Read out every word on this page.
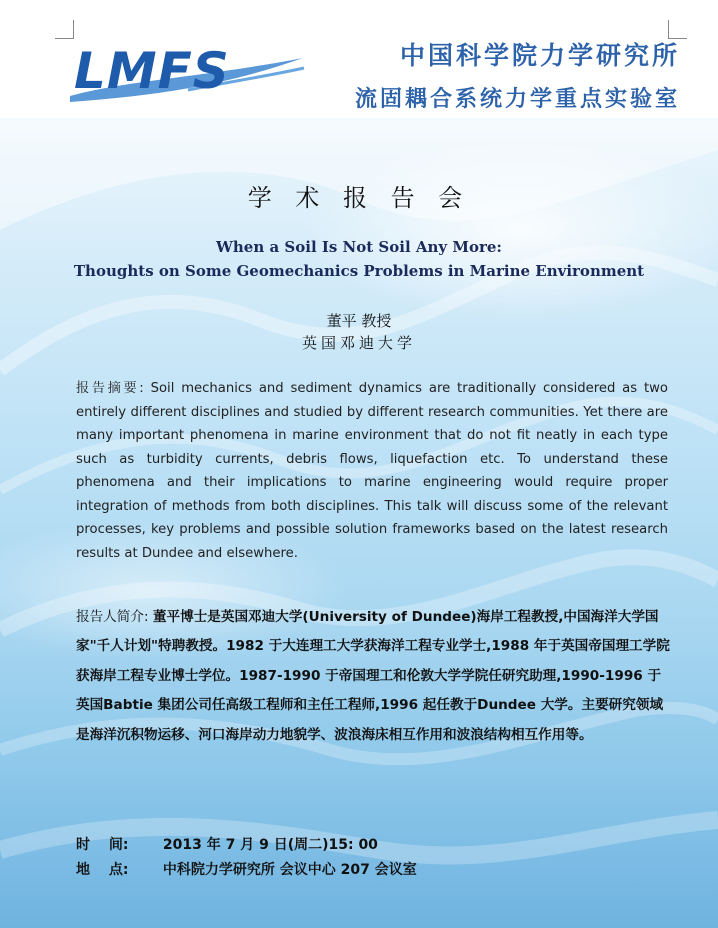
LMFS	中国科学院力学研究所
流固耦合系统力学重点实验室
学 术 报 告 会
When a Soil Is Not Soil Any More:
Thoughts on Some Geomechanics Problems in Marine Environment
董平 教授
英国邓迪大学
报告摘要: Soil mechanics and sediment dynamics are traditionally considered as two entirely different disciplines and studied by different research communities. Yet there are many important phenomena in marine environment that do not fit neatly in each type such as turbidity currents, debris flows, liquefaction etc. To understand these phenomena and their implications to marine engineering would require proper integration of methods from both disciplines. This talk will discuss some of the relevant processes, key problems and possible solution frameworks based on the latest research results at Dundee and elsewhere.
报告人简介: 董平博士是英国邓迪大学(University of Dundee)海岸工程教授,中国海洋大学国家"千人计划"特聘教授。1982 于大连理工大学获海洋工程专业学士,1988 年于英国帝国理工学院获海岸工程专业博士学位。1987-1990 于帝国理工和伦敦大学学院任研究助理,1990-1996 于英国Babtie 集团公司任高级工程师和主任工程师,1996 起任教于Dundee 大学。主要研究领域是海洋沉积物运移、河口海岸动力地貌学、波浪海床相互作用和波浪结构相互作用等。
时　 间: 2013 年 7 月 9 日(周二)15: 00
地　 点: 中科院力学研究所 会议中心 207 会议室
